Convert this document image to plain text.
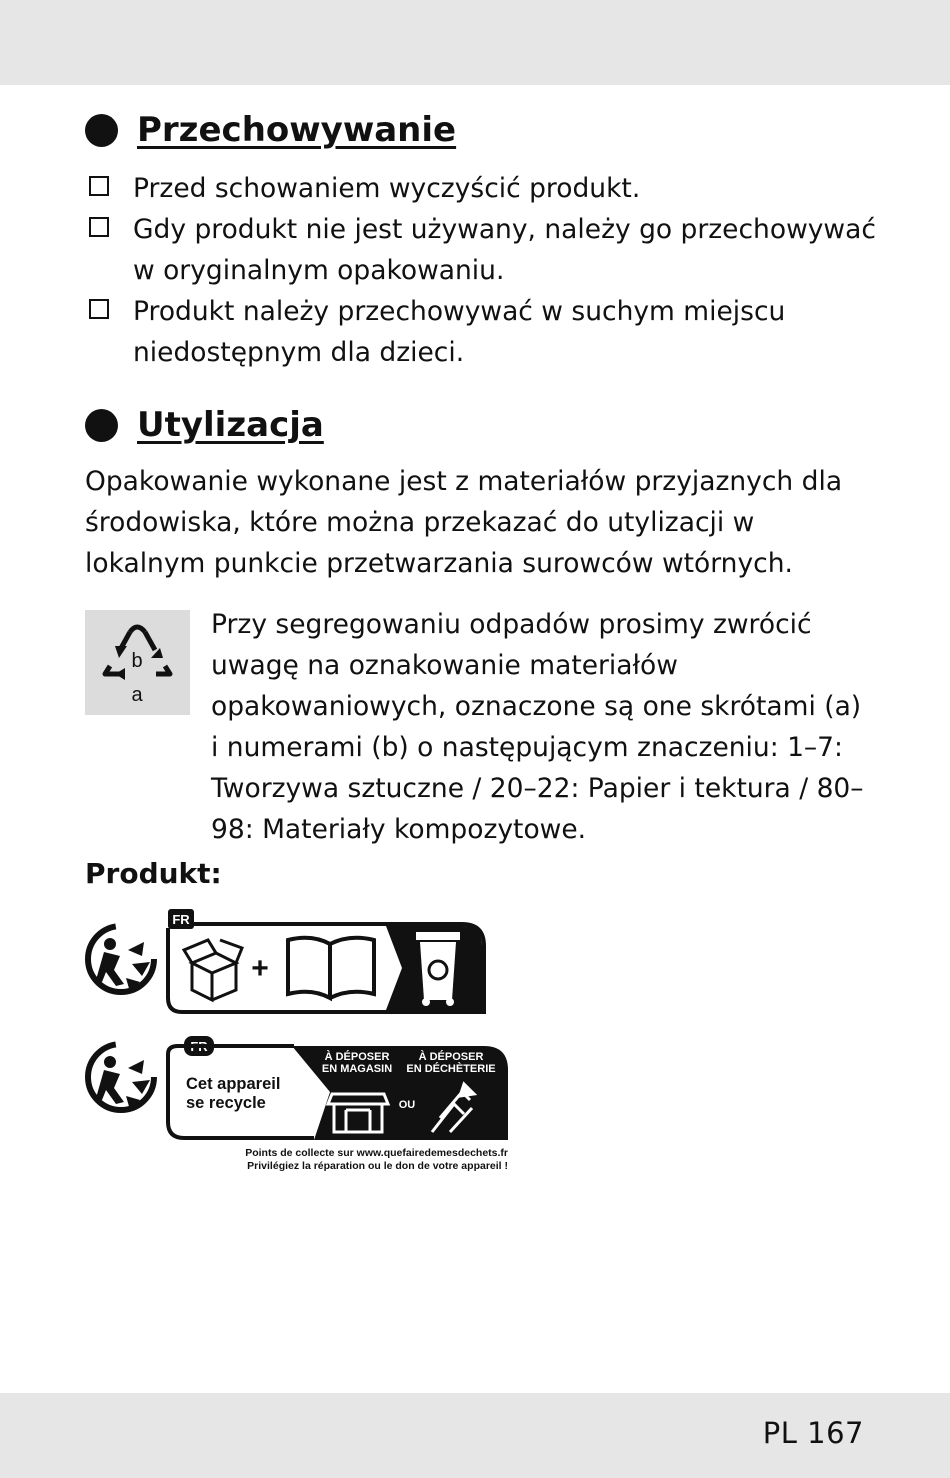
Przechowywanie
Przed schowaniem wyczyścić produkt.
Gdy produkt nie jest używany, należy go przechowywać w oryginalnym opakowaniu.
Produkt należy przechowywać w suchym miejscu niedostępnym dla dzieci.
Utylizacja

Opakowanie wykonane jest z materiałów przyjaznych dla środowiska, które można przekazać do utylizacji w lokalnym punkcie przetwarzania surowców wtórnych.

b
a

Przy segregowaniu odpadów prosimy zwrócić uwagę na oznakowanie materiałów opakowaniowych, oznaczone są one skrótami (a) i numerami (b) o następującym znaczeniu: 1–7: Tworzywa sztuczne / 20–22: Papier i tektura / 80–98: Materiały kompozytowe.

Produkt:
FR
+
FR
Cet appareil
se recycle
À DÉPOSER
EN MAGASIN
À DÉPOSER
EN DÉCHÈTERIE
OU
Points de collecte sur www.quefairedemesdechets.fr
Privilégiez la réparation ou le don de votre appareil !
PL 167
